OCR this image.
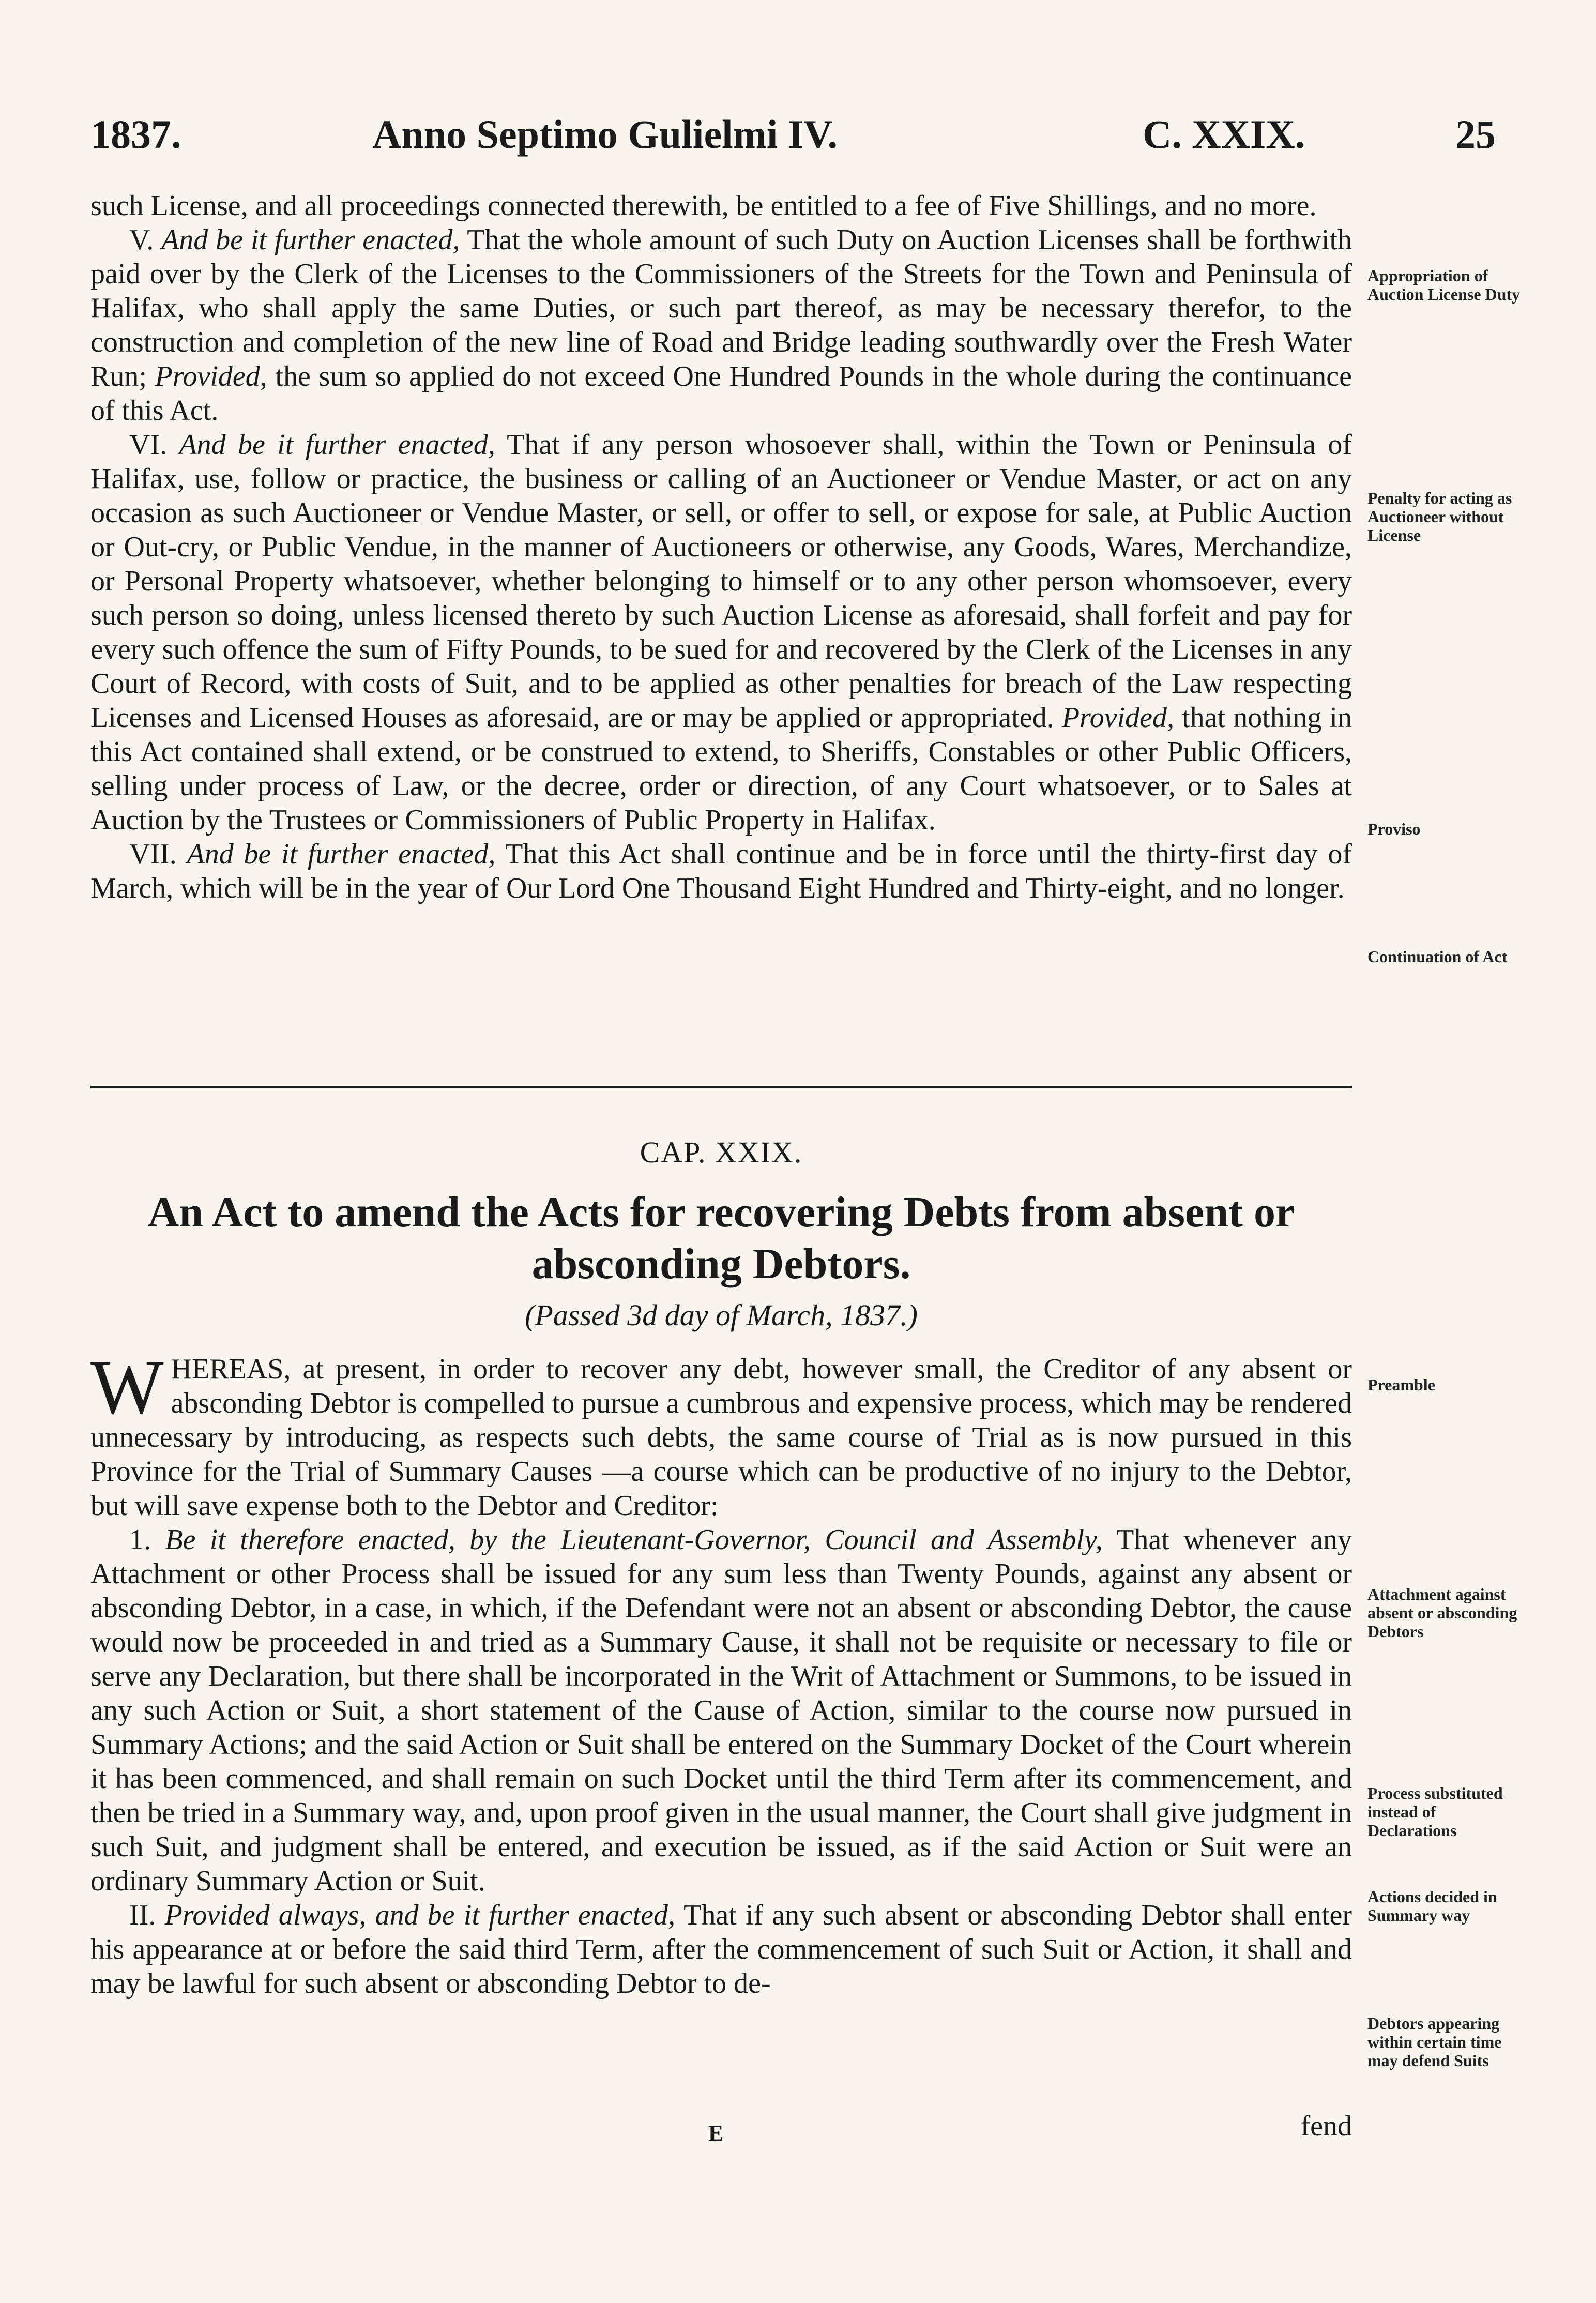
1837.	Anno Septimo Gulielmi IV.	C. XXIX.	25

such License, and all proceedings connected therewith, be entitled to a fee of Five Shillings, and no more.

V. And be it further enacted, That the whole amount of such Duty on Auction Licenses shall be forthwith paid over by the Clerk of the Licenses to the Commissioners of the Streets for the Town and Peninsula of Halifax, who shall apply the same Duties, or such part thereof, as may be necessary therefor, to the construction and completion of the new line of Road and Bridge leading southwardly over the Fresh Water Run; Provided, the sum so applied do not exceed One Hundred Pounds in the whole during the continuance of this Act.

VI. And be it further enacted, That if any person whosoever shall, within the Town or Peninsula of Halifax, use, follow or practice, the business or calling of an Auctioneer or Vendue Master, or act on any occasion as such Auctioneer or Vendue Master, or sell, or offer to sell, or expose for sale, at Public Auction or Out-cry, or Public Vendue, in the manner of Auctioneers or otherwise, any Goods, Wares, Merchandize, or Personal Property whatsoever, whether belonging to himself or to any other person whomsoever, every such person so doing, unless licensed thereto by such Auction License as aforesaid, shall forfeit and pay for every such offence the sum of Fifty Pounds, to be sued for and recovered by the Clerk of the Licenses in any Court of Record, with costs of Suit, and to be applied as other penalties for breach of the Law respecting Licenses and Licensed Houses as aforesaid, are or may be applied or appropriated. Provided, that nothing in this Act contained shall extend, or be construed to extend, to Sheriffs, Constables or other Public Officers, selling under process of Law, or the decree, order or direction, of any Court whatsoever, or to Sales at Auction by the Trustees or Commissioners of Public Property in Halifax.

VII. And be it further enacted, That this Act shall continue and be in force until the thirty-first day of March, which will be in the year of Our Lord One Thousand Eight Hundred and Thirty-eight, and no longer.

CAP. XXIX.
An Act to amend the Acts for recovering Debts from absent or absconding Debtors.
(Passed 3d day of March, 1837.)

WHEREAS, at present, in order to recover any debt, however small, the Creditor of any absent or absconding Debtor is compelled to pursue a cumbrous and expensive process, which may be rendered unnecessary by introducing, as respects such debts, the same course of Trial as is now pursued in this Province for the Trial of Summary Causes —a course which can be productive of no injury to the Debtor, but will save expense both to the Debtor and Creditor:

1. Be it therefore enacted, by the Lieutenant-Governor, Council and Assembly, That whenever any Attachment or other Process shall be issued for any sum less than Twenty Pounds, against any absent or absconding Debtor, in a case, in which, if the Defendant were not an absent or absconding Debtor, the cause would now be proceeded in and tried as a Summary Cause, it shall not be requisite or necessary to file or serve any Declaration, but there shall be incorporated in the Writ of Attachment or Summons, to be issued in any such Action or Suit, a short statement of the Cause of Action, similar to the course now pursued in Summary Actions; and the said Action or Suit shall be entered on the Summary Docket of the Court wherein it has been commenced, and shall remain on such Docket until the third Term after its commencement, and then be tried in a Summary way, and, upon proof given in the usual manner, the Court shall give judgment in such Suit, and judgment shall be entered, and execution be issued, as if the said Action or Suit were an ordinary Summary Action or Suit.

II. Provided always, and be it further enacted, That if any such absent or absconding Debtor shall enter his appearance at or before the said third Term, after the commencement of such Suit or Action, it shall and may be lawful for such absent or absconding Debtor to de-

E	fend
Appropriation of Auction License Duty
Penalty for acting as Auctioneer without License
Proviso
Continuation of Act
Preamble
Attachment against absent or absconding Debtors
Process substituted instead of Declarations
Actions decided in Summary way
Debtors appearing within certain time may defend Suits
